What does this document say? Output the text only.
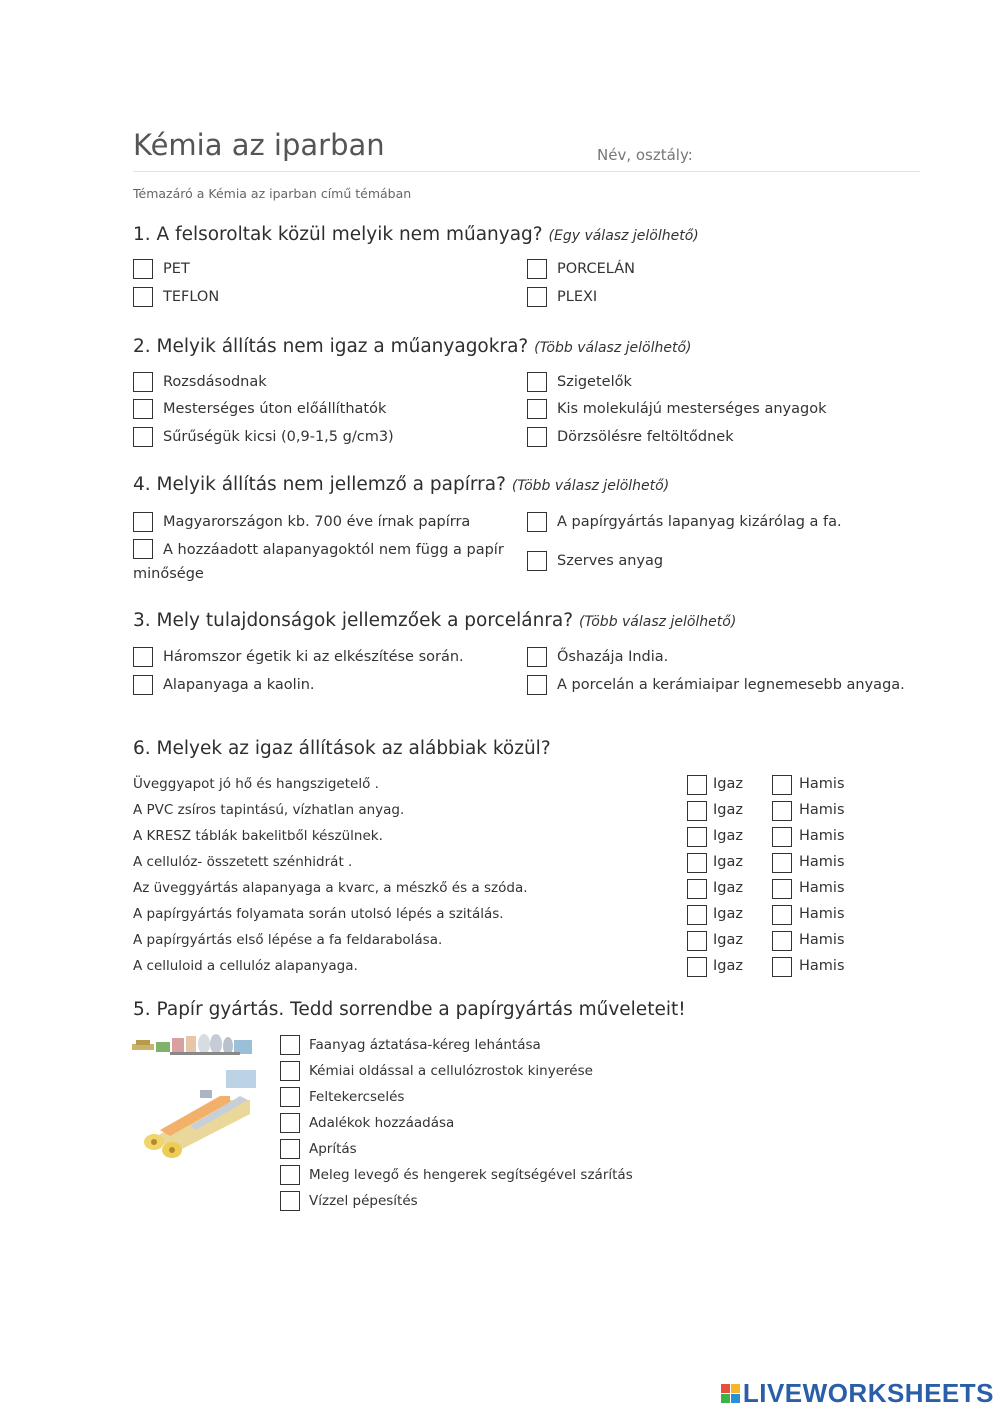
Kémia az iparban	Név, osztály:
Témazáró a Kémia az iparban című témában
1. A felsoroltak közül melyik nem műanyag? (Egy válasz jelölhető)
PET
TEFLON
PORCELÁN
PLEXI
2. Melyik állítás nem igaz a műanyagokra? (Több válasz jelölhető)
Rozsdásodnak
Mesterséges úton előállíthatók
Sűrűségük kicsi (0,9-1,5 g/cm3)
Szigetelők
Kis molekulájú mesterséges anyagok
Dörzsölésre feltöltődnek
4. Melyik állítás nem jellemző a papírra? (Több válasz jelölhető)
Magyarországon kb. 700 éve írnak papírra
A hozzáadott alapanyagoktól nem függ a papír minősége
A papírgyártás lapanyag kizárólag a fa.
Szerves anyag
3. Mely tulajdonságok jellemzőek a porcelánra? (Több válasz jelölhető)
Háromszor égetik ki az elkészítése során.
Alapanyaga a kaolin.
Őshazája India.
A porcelán a kerámiaipar legnemesebb anyaga.
6. Melyek az igaz állítások az alábbiak közül?
Üveggyapot jó hő és hangszigetelő .	Igaz	Hamis
A PVC zsíros tapintású, vízhatlan anyag.	Igaz	Hamis
A KRESZ táblák bakelitből készülnek.	Igaz	Hamis
A cellulóz- összetett szénhidrát .	Igaz	Hamis
Az üveggyártás alapanyaga a kvarc, a mészkő és a szóda.	Igaz	Hamis
A papírgyártás folyamata során utolsó lépés a szitálás.	Igaz	Hamis
A papírgyártás első lépése a fa feldarabolása.	Igaz	Hamis
A celluloid a cellulóz alapanyaga.	Igaz	Hamis
5. Papír gyártás. Tedd sorrendbe a papírgyártás műveleteit!
Faanyag áztatása-kéreg lehántása
Kémiai oldással a cellulózrostok kinyerése
Feltekercselés
Adalékok hozzáadása
Aprítás
Meleg levegő és hengerek segítségével szárítás
Vízzel pépesítés
LIVEWORKSHEETS
